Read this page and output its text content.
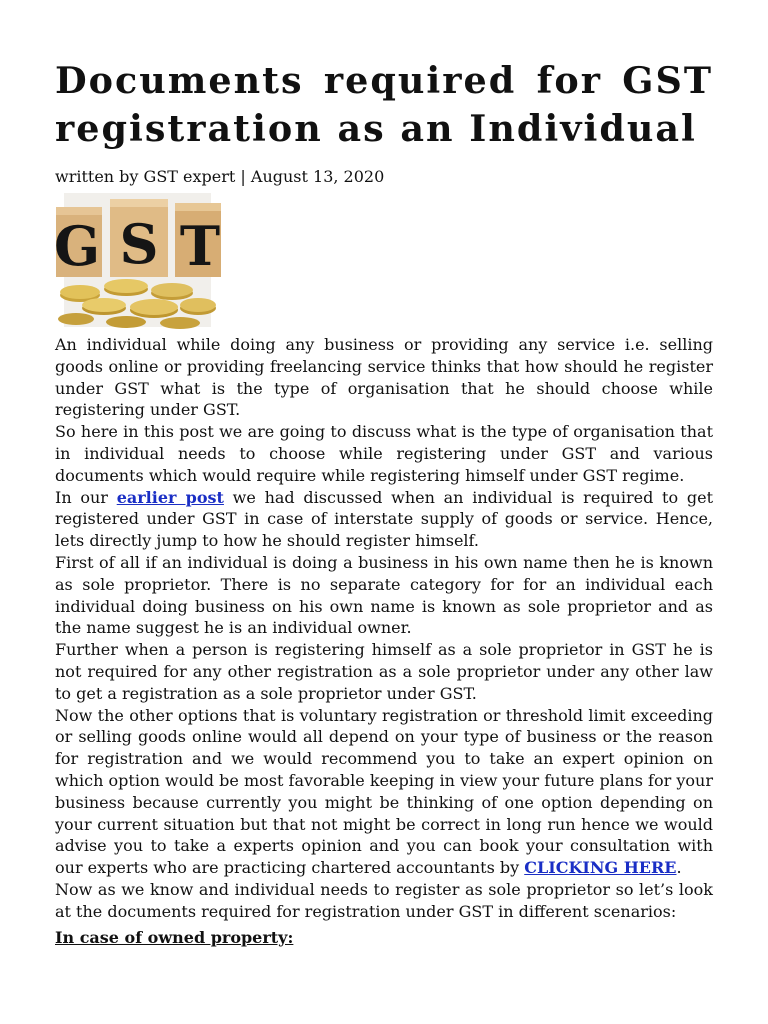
Documents required for GST registration as an Individual
written by GST expert | August 13, 2020
G S T

An individual while doing any business or providing any service i.e. selling goods online or providing freelancing service thinks that how should he register under GST what is the type of organisation that he should choose while registering under GST.

So here in this post we are going to discuss what is the type of organisation that in individual needs to choose while registering under GST and various documents which would require while registering himself under GST regime.

In our earlier post we had discussed when an individual is required to get registered under GST in case of interstate supply of goods or service. Hence, lets directly jump to how he should register himself.

First of all if an individual is doing a business in his own name then he is known as sole proprietor. There is no separate category for for an individual each individual doing business on his own name is known as sole proprietor and as the name suggest he is an individual owner.

Further when a person is registering himself as a sole proprietor in GST he is not required for any other registration as a sole proprietor under any other law to get a registration as a sole proprietor under GST.

Now the other options that is voluntary registration or threshold limit exceeding or selling goods online would all depend on your type of business or the reason for registration and we would recommend you to take an expert opinion on which option would be most favorable keeping in view your future plans for your business because currently you might be thinking of one option depending on your current situation but that not might be correct in long run hence we would advise you to take a experts opinion and you can book your consultation with our experts who are practicing chartered accountants by CLICKING HERE.

Now as we know and individual needs to register as sole proprietor so let’s look at the documents required for registration under GST in different scenarios:

In case of owned property:
